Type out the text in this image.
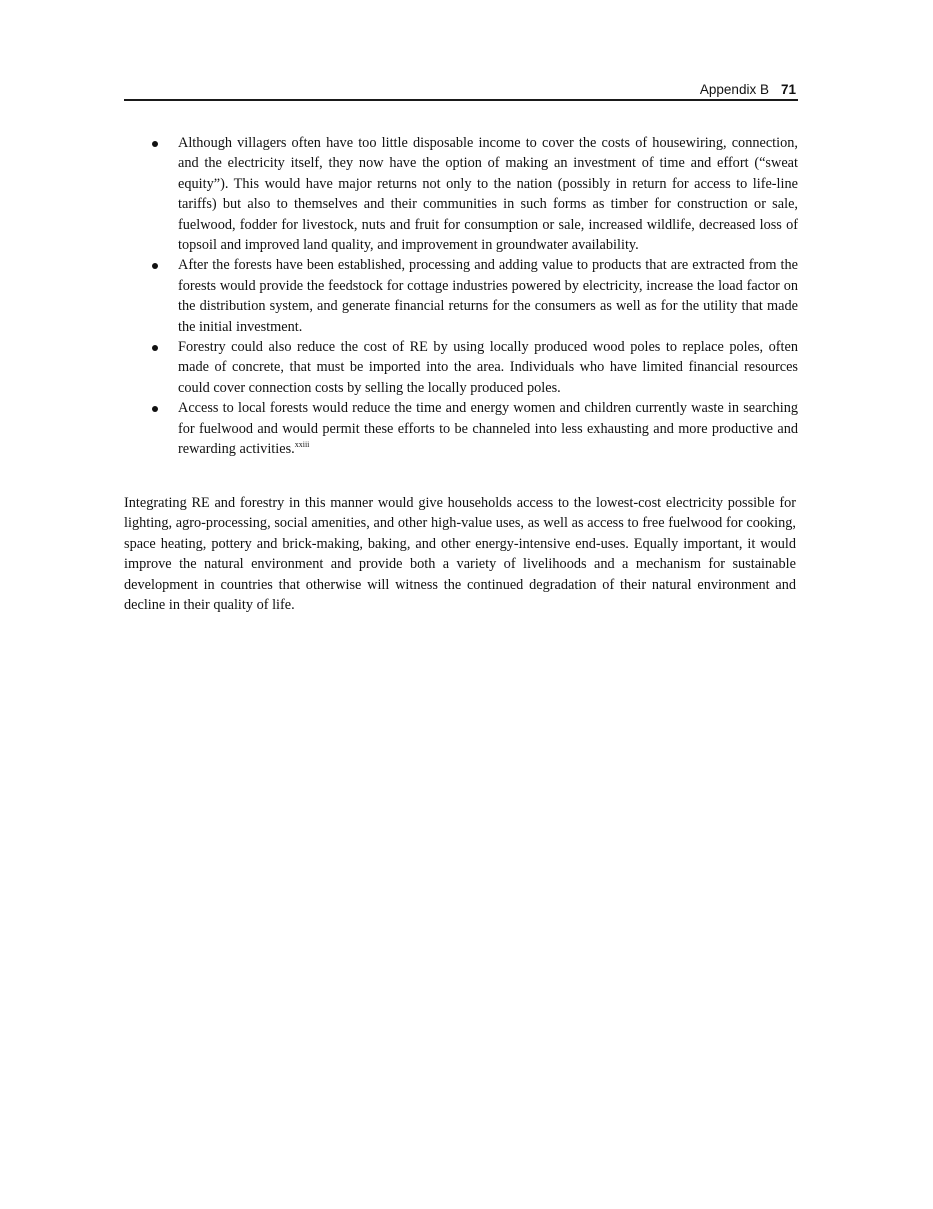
Appendix B 71
Although villagers often have too little disposable income to cover the costs of housewiring, connection, and the electricity itself, they now have the option of making an investment of time and effort (“sweat equity”). This would have major returns not only to the nation (possibly in return for access to life-line tariffs) but also to themselves and their communities in such forms as timber for construction or sale, fuelwood, fodder for livestock, nuts and fruit for consumption or sale, increased wildlife, decreased loss of topsoil and improved land quality, and improvement in groundwater availability.
After the forests have been established, processing and adding value to products that are extracted from the forests would provide the feedstock for cottage industries powered by electricity, increase the load factor on the distribution system, and generate financial returns for the consumers as well as for the utility that made the initial investment.
Forestry could also reduce the cost of RE by using locally produced wood poles to replace poles, often made of concrete, that must be imported into the area. Individuals who have limited financial resources could cover connection costs by selling the locally produced poles.
Access to local forests would reduce the time and energy women and children currently waste in searching for fuelwood and would permit these efforts to be channeled into less exhausting and more productive and rewarding activities.$^{xxiii}$

Integrating RE and forestry in this manner would give households access to the lowest-cost electricity possible for lighting, agro-processing, social amenities, and other high-value uses, as well as access to free fuelwood for cooking, space heating, pottery and brick-making, baking, and other energy-intensive end-uses. Equally important, it would improve the natural environment and provide both a variety of livelihoods and a mechanism for sustainable development in countries that otherwise will witness the continued degradation of their natural environment and decline in their quality of life.
